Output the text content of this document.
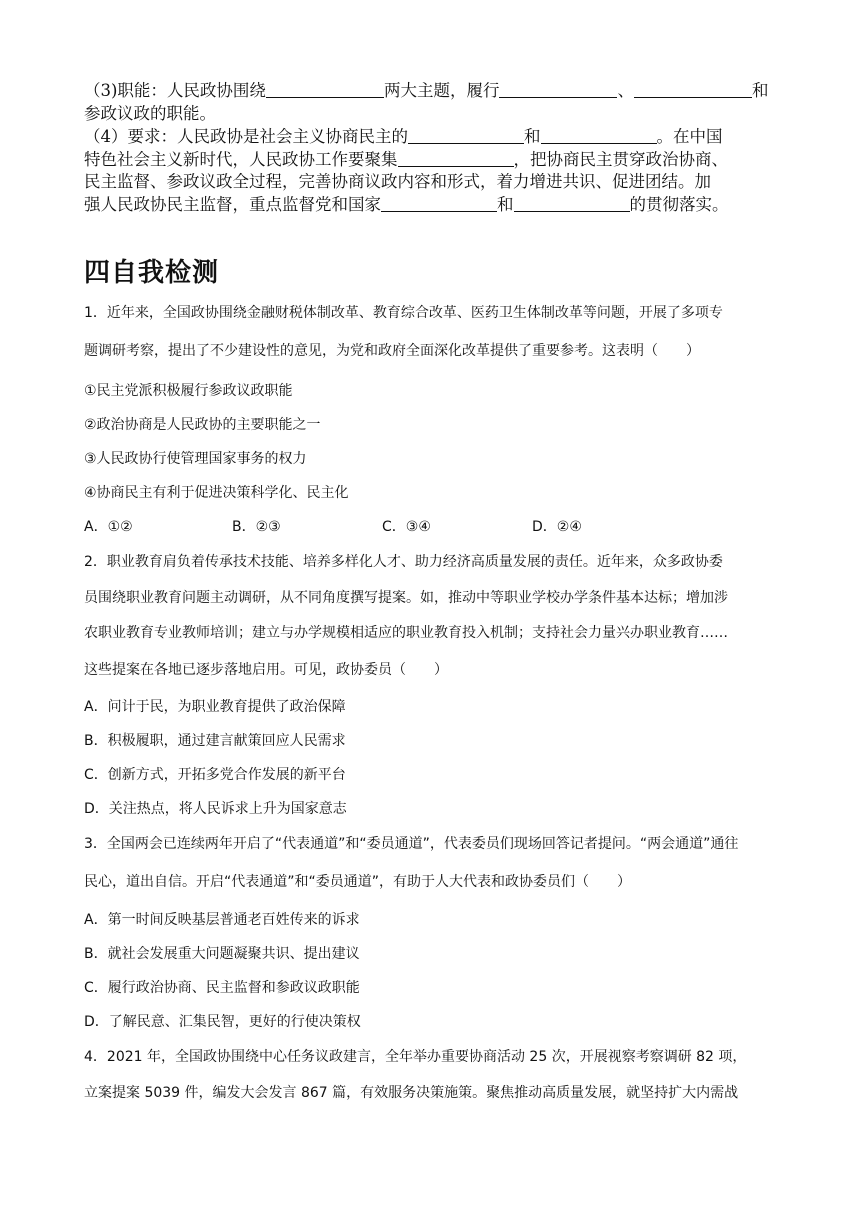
（3)职能：人民政协围绕	两大主题，履行	、	和
参政议政的职能。
（4）要求：人民政协是社会主义协商民主的	和	。在中国
特色社会主义新时代，人民政协工作要聚集	，把协商民主贯穿政治协商、
民主监督、参政议政全过程，完善协商议政内容和形式，着力增进共识、促进团结。加
强人民政协民主监督，重点监督党和国家	和	的贯彻落实。
四自我检测
1．近年来，全国政协围绕金融财税体制改革、教育综合改革、医药卫生体制改革等问题，开展了多项专
题调研考察，提出了不少建设性的意见，为党和政府全面深化改革提供了重要参考。这表明（　　）
①民主党派积极履行参政议政职能
②政治协商是人民政协的主要职能之一
③人民政协行使管理国家事务的权力
④协商民主有利于促进决策科学化、民主化
A．①②	B．②③	C．③④	D．②④
2．职业教育肩负着传承技术技能、培养多样化人才、助力经济高质量发展的责任。近年来，众多政协委
员围绕职业教育问题主动调研，从不同角度撰写提案。如，推动中等职业学校办学条件基本达标；增加涉
农职业教育专业教师培训；建立与办学规模相适应的职业教育投入机制；支持社会力量兴办职业教育……
这些提案在各地已逐步落地启用。可见，政协委员（　　）
A．问计于民，为职业教育提供了政治保障
B．积极履职，通过建言献策回应人民需求
C．创新方式，开拓多党合作发展的新平台
D．关注热点，将人民诉求上升为国家意志
3．全国两会已连续两年开启了“代表通道”和“委员通道”，代表委员们现场回答记者提问。“两会通道”通往
民心，道出自信。开启“代表通道”和“委员通道”，有助于人大代表和政协委员们（　　）
A．第一时间反映基层普通老百姓传来的诉求
B．就社会发展重大问题凝聚共识、提出建议
C．履行政治协商、民主监督和参政议政职能
D．了解民意、汇集民智，更好的行使决策权
4．2021 年，全国政协围绕中心任务议政建言，全年举办重要协商活动 25 次，开展视察考察调研 82 项，
立案提案 5039 件，编发大会发言 867 篇，有效服务决策施策。聚焦推动高质量发展，就坚持扩大内需战
